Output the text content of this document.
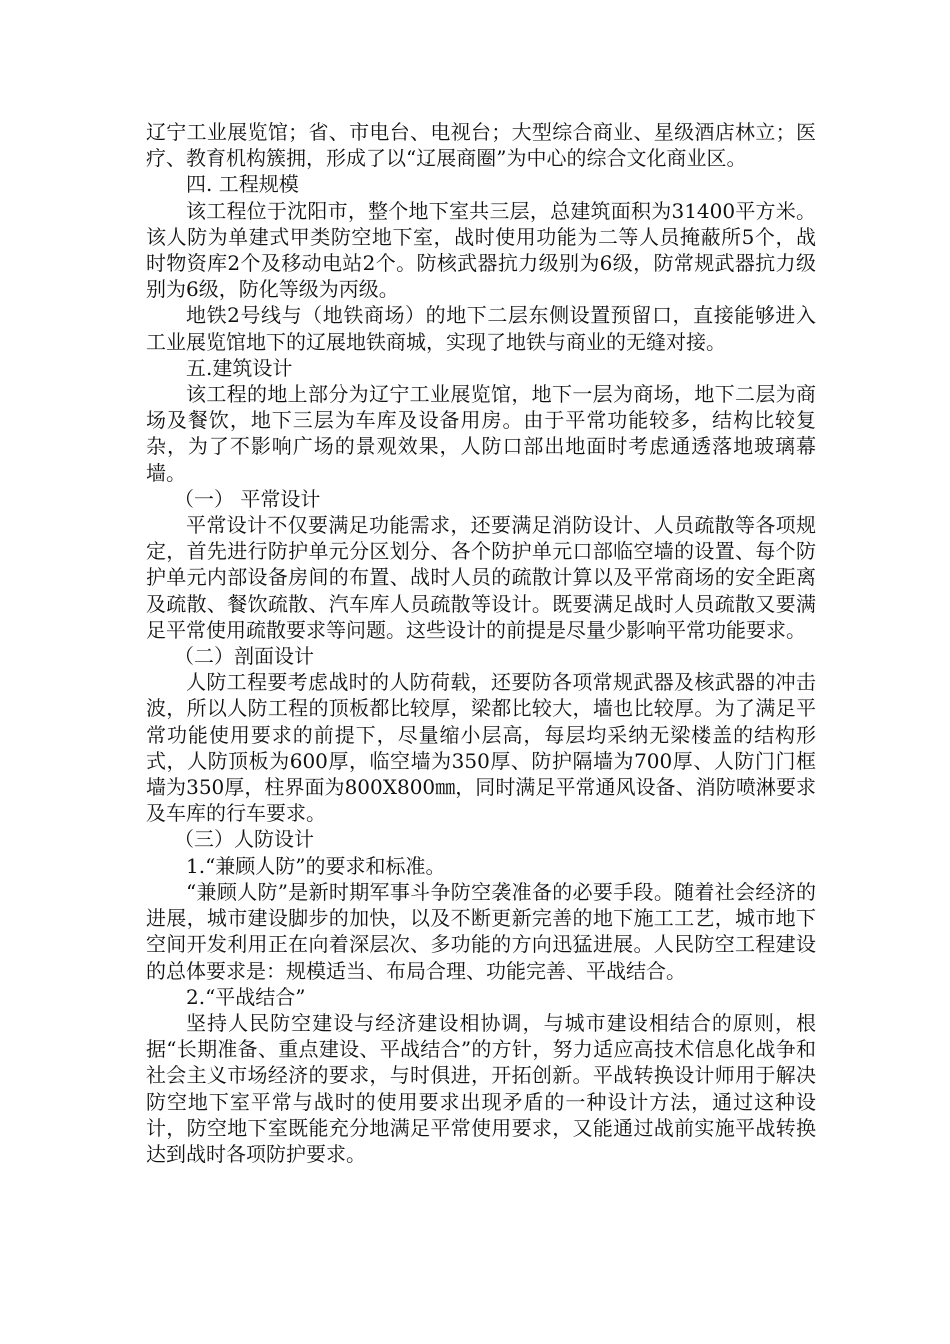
辽宁工业展览馆；省、市电台、电视台；大型综合商业、星级酒店林立；医疗、教育机构簇拥，形成了以“辽展商圈”为中心的综合文化商业区。

四. 工程规模

该工程位于沈阳市，整个地下室共三层，总建筑面积为31400平方米。该人防为单建式甲类防空地下室，战时使用功能为二等人员掩蔽所5个，战时物资库2个及移动电站2个。防核武器抗力级别为6级，防常规武器抗力级别为6级，防化等级为丙级。

地铁2号线与（地铁商场）的地下二层东侧设置预留口，直接能够进入工业展览馆地下的辽展地铁商城，实现了地铁与商业的无缝对接。

五.建筑设计

该工程的地上部分为辽宁工业展览馆，地下一层为商场，地下二层为商场及餐饮，地下三层为车库及设备用房。由于平常功能较多，结构比较复杂，为了不影响广场的景观效果，人防口部出地面时考虑通透落地玻璃幕墙。

（一） 平常设计

平常设计不仅要满足功能需求，还要满足消防设计、人员疏散等各项规定，首先进行防护单元分区划分、各个防护单元口部临空墙的设置、每个防护单元内部设备房间的布置、战时人员的疏散计算以及平常商场的安全距离及疏散、餐饮疏散、汽车库人员疏散等设计。既要满足战时人员疏散又要满足平常使用疏散要求等问题。这些设计的前提是尽量少影响平常功能要求。

（二）剖面设计

人防工程要考虑战时的人防荷载，还要防各项常规武器及核武器的冲击波，所以人防工程的顶板都比较厚，梁都比较大，墙也比较厚。为了满足平常功能使用要求的前提下，尽量缩小层高，每层均采纳无梁楼盖的结构形式，人防顶板为600厚，临空墙为350厚、防护隔墙为700厚、人防门门框墙为350厚，柱界面为800X800㎜，同时满足平常通风设备、消防喷淋要求及车库的行车要求。

（三）人防设计

1.“兼顾人防”的要求和标准。

“兼顾人防”是新时期军事斗争防空袭准备的必要手段。随着社会经济的进展，城市建设脚步的加快，以及不断更新完善的地下施工工艺，城市地下空间开发利用正在向着深层次、多功能的方向迅猛进展。人民防空工程建设的总体要求是：规模适当、布局合理、功能完善、平战结合。

2.“平战结合”

坚持人民防空建设与经济建设相协调，与城市建设相结合的原则，根据“长期准备、重点建设、平战结合”的方针，努力适应高技术信息化战争和社会主义市场经济的要求，与时俱进，开拓创新。平战转换设计师用于解决防空地下室平常与战时的使用要求出现矛盾的一种设计方法，通过这种设计，防空地下室既能充分地满足平常使用要求，又能通过战前实施平战转换达到战时各项防护要求。
